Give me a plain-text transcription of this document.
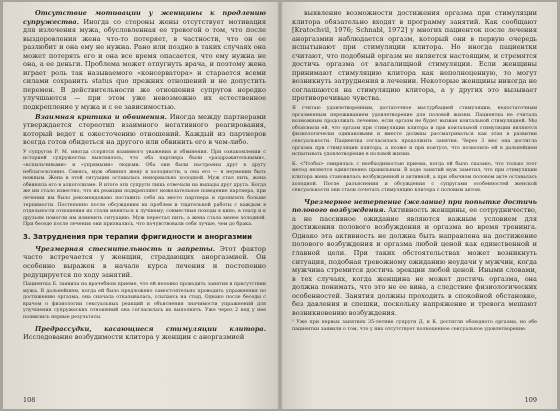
Отсутствие мотивации у женщины к продлению супружества. Иногда со стороны жены отсутствует мотивация для излечения мужа, обусловленная ее тревогой о том, что после выздоровления жена что-то потеряет, в частности, что он ее разлюбит и она ему не нужна. Рано или поздно в таких случаях она может потерять его и она все время опасается, что ему нужна не она, а ее деньги. Проблема может отпугнуть врача, и поэтому жена играет роль так называемого «консерватора» и старается всеми силами сохранить status quo прежних отношений и не допустить перемен. В действительности же отношения супругов нередко улучшаются — при этом уже невозможно их естественное подкрепление у мужа и с ее зависимостью.

Взаимная критика и обвинения. Иногда между партнерами утверждается стереотип взаимного негативного реагирования, который ведет к ожесточению отношений. Каждый из партнеров всегда готов обидеться на другого или обвинить его в чем-либо.

У супругов Р. М. иногда ссорятся взаимного уважения и обвинения. При ознакомлении с историей супружества выяснилось, что оба партнера были «раздражительными», «вспыльчивыми» и «упрямыми» людьми. Оба они были настроены друг к другу неблагосклонно. Смеясь, муж обвинял жену в холодности, а она его — в неумении быть нежным. Жена в этой ситуации оставалась ненормально холодной. Муж стал пить, жена обвиняла его в алкоголизме. В итоге эти супруги лишь отвечали на выпады друг друга. Когда же им стало известно, что их реакции подкрепляют нежелательное поведение партнера, при лечении им было рекомендовано поставить себя на место партнера и проявлять больше терпимости. Постепенно после обсуждения их проблем и тщательной работы с каждым в отдельности отношения их стали меняться к лучшему; совместные походы в кино, в театр и к друзьям помогли им изменить ситуацию. Муж перестал пить, а жена стала менее холодной. При беседе после лечения они признались, что почувствовали себя лучше, чем до брака.

3. Затруднения при терапии фригидности и аноргазмии

Чрезмерная стеснительность и запреты. Этот фактор часто встречается у женщин, страдающих аноргазмией. Он особенно выражен в начале курса лечения и постепенно редуцируется по ходу занятий.

Пациентка Б. заявила на врачебном приеме, что ей неловко проводить занятия в присутствии мужа. В дальнейшем, когда ей было предложено самостоятельно проводить упражнения по достижению оргазма, она сначала отказывалась, ссылаясь на стыд. Однако после беседы с врачом о физиологии сексуальных реакций и объяснения значимости упражнений для улучшения супружеских отношений она согласилась их выполнять. Уже через 2 нед у нее появились первые результаты.

Предрассудки, касающиеся стимуляции клитора. Исследование возбудимости клитора у женщин с аноргазмией

108

выявление возможности достижения оргазма при стимуляции клитора обязательно входят в программу занятий. Как сообщают [Kratochvil, 1976; Schnabl, 1972] у многих пациенток после лечения аноргазмии наблюдается оргазм, который они в первую очередь испытывают при стимуляции клитора. Но иногда пациентки считают, что подобный оргазм не является настоящим, и стремятся достичь оргазма от влагалищной стимуляции. Если женщины принимают стимуляцию клитора как неполноценную, то могут возникнуть затруднения в лечении. Некоторые женщины никогда не соглашаются на стимуляцию клитора, а у других это вызывает противоречивые чувства.

Я считаю удовлетворенным, достаточное мастурбацией стимуляции, недостаточным оргазменным переживанием удовлетворение для половой жизни. Пациентка не считала возможным продолжать лечение, если оргазм не будет вызван коитальной стимуляцией. Мы объяснили ей, что оргазм при стимуляции клитора и при коитальной стимуляции являются физиологически одинаковыми и вместе должны рассматриваться как этап в развитии сексуальности. Пациентка согласилась продолжить занятия. Через 3 мес она достигла оргазма при стимуляции клитора, а позже и при коитусе, что позволило ей в дальнейшем испытывать удовлетворение в половой жизни.

К. <Чтобы> смирилась с необходимостью приема, когда ей было сказано, что только этот метод является единственно правильным. В ходе занятий муж заметил, что при стимуляции клитора жена становилась возбужденной и активной, а при обычном половом акте оставалась холодной. После разъяснения и обсуждения с супругами особенностей женской сексуальности они стали сочетать стимуляцию клитора с половым актом.

Чрезмерное нетерпение (желание) при попытке достичь полового возбуждения. Активность женщины, ее сотрудничество, а не пассивное ожидание являются важным условием для достижения полового возбуждения и оргазма во время тренинга. Однако эта активность не должна быть направлена на достижение полового возбуждения и оргазма любой ценой как единственной и главной цели. При таких обстоятельствах может возникнуть ситуация, подобная тревожному ожиданию неудачи у мужчин, когда мужчина стремится достичь эрекции любой ценой. Иными словами, в тех случаях, когда женщина не может достичь оргазма, она должна понимать, что это не ее вина, а следствие физиологических особенностей. Занятия должны проходить в спокойной обстановке, без давления и спешки, поскольку напряжение и тревога мешают возникновению возбуждения.

¹ Уже при первых занятиях 35-летние супруги Д. и К. достигли обоюдного оргазма, но обе пациентки заявили о том, что у них отсутствует полноценное сексуальное удовлетворение.

109
